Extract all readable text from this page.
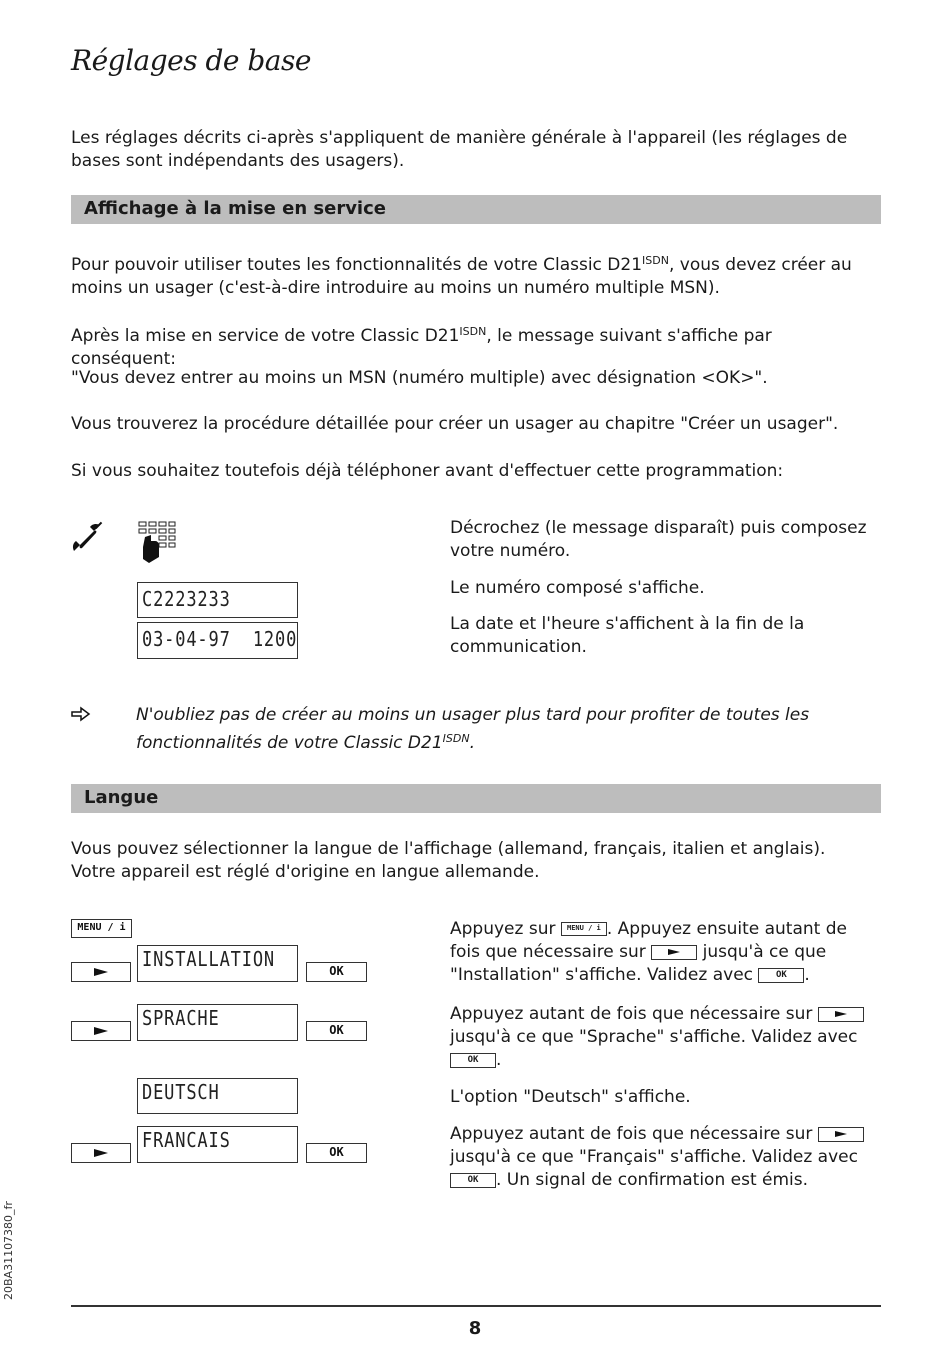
Réglages de base
Les réglages décrits ci-après s'appliquent de manière générale à l'appareil (les réglages de bases sont indépendants des usagers).
Affichage à la mise en service
Pour pouvoir utiliser toutes les fonctionnalités de votre Classic $D21^{ISDN}$, vous devez créer au moins un usager (c'est-à-dire introduire au moins un numéro multiple MSN).
Après la mise en service de votre Classic $D21^{ISDN}$, le message suivant s'affiche par conséquent:
"Vous devez entrer au moins un MSN (numéro multiple) avec désignation <OK>".
Vous trouverez la procédure détaillée pour créer un usager au chapitre "Créer un usager".
Si vous souhaitez toutefois déjà téléphoner avant d'effectuer cette programmation:
C2223233
03-04-97  1200
Décrochez (le message disparaît) puis composez votre numéro.
Le numéro composé s'affiche.
La date et l'heure s'affichent à la fin de la communication.
N'oubliez pas de créer au moins un usager plus tard pour profiter de toutes les fonctionnalités de votre Classic $D21^{ISDN}$.
Langue
Vous pouvez sélectionner la langue de l'affichage (allemand, français, italien et anglais). Votre appareil est réglé d'origine en langue allemande.
MENU / i
INSTALLATION	OK
SPRACHE	OK
DEUTSCH
FRANCAIS	OK
Appuyez sur MENU / i . Appuyez ensuite autant de fois que nécessaire sur	jusqu'à ce que "Installation" s'affiche. Validez avec	OK .
Appuyez autant de fois que nécessaire sur
jusqu'à ce que "Sprache" s'affiche. Validez avec OK .
L'option "Deutsch" s'affiche.
Appuyez autant de fois que nécessaire sur
jusqu'à ce que "Français" s'affiche. Validez avec OK . Un signal de confirmation est émis.
20BA31107380_fr
8
